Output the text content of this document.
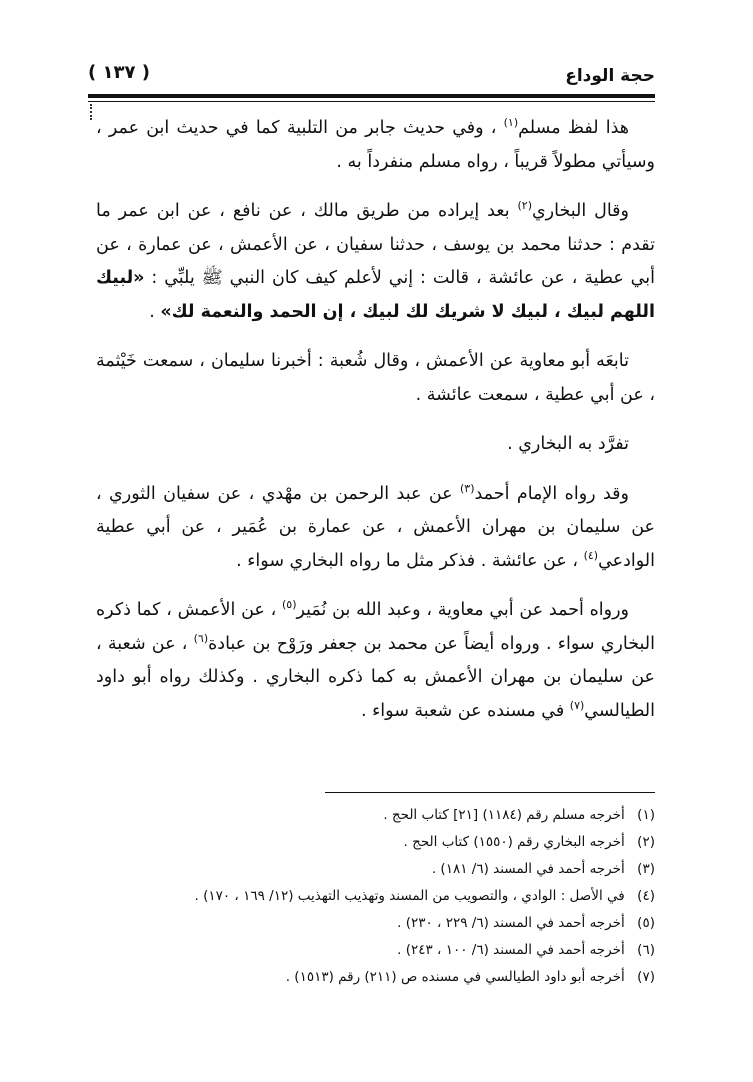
حجة الوداع
( ١٣٧ )

هذا لفظ مسلم$^{(١)}$ ، وفي حديث جابر من التلبية كما في حديث ابن عمر ، وسيأتي مطولاً قريباً ، رواه مسلم منفرداً به .

وقال البخاري$^{(٢)}$ بعد إيراده من طريق مالك ، عن نافع ، عن ابن عمر ما تقدم : حدثنا محمد بن يوسف ، حدثنا سفيان ، عن الأعمش ، عن عمارة ، عن أبي عطية ، عن عائشة ، قالت : إني لأعلم كيف كان النبي ﷺ يلبِّي : «لبيك اللهم لبيك ، لبيك لا شريك لك لبيك ، إن الحمد والنعمة لك» .

تابعَه أبو معاوية عن الأعمش ، وقال شُعبة : أخبرنا سليمان ، سمعت خَيْثمة ، عن أبي عطية ، سمعت عائشة .

تفرَّد به البخاري .

وقد رواه الإمام أحمد$^{(٣)}$ عن عبد الرحمن بن مهْدي ، عن سفيان الثوري ، عن سليمان بن مهران الأعمش ، عن عمارة بن عُمَير ، عن أبي عطية الوادعي$^{(٤)}$ ، عن عائشة . فذكر مثل ما رواه البخاري سواء .

ورواه أحمد عن أبي معاوية ، وعبد الله بن نُمَير$^{(٥)}$ ، عن الأعمش ، كما ذكره البخاري سواء . ورواه أيضاً عن محمد بن جعفر ورَوْح بن عبادة$^{(٦)}$ ، عن شعبة ، عن سليمان بن مهران الأعمش به كما ذكره البخاري . وكذلك رواه أبو داود الطيالسي$^{(٧)}$ في مسنده عن شعبة سواء .

(١) أخرجه مسلم رقم (١١٨٤) [٢١] كتاب الحج .
(٢) أخرجه البخاري رقم (١٥٥٠) كتاب الحج .
(٣) أخرجه أحمد في المسند (٦/ ١٨١) .
(٤) في الأصل : الوادي ، والتصويب من المسند وتهذيب التهذيب (١٢/ ١٦٩ ، ١٧٠) .
(٥) أخرجه أحمد في المسند (٦/ ٢٢٩ ، ٢٣٠) .
(٦) أخرجه أحمد في المسند (٦/ ١٠٠ ، ٢٤٣) .
(٧) أخرجه أبو داود الطيالسي في مسنده ص (٢١١) رقم (١٥١٣) .
